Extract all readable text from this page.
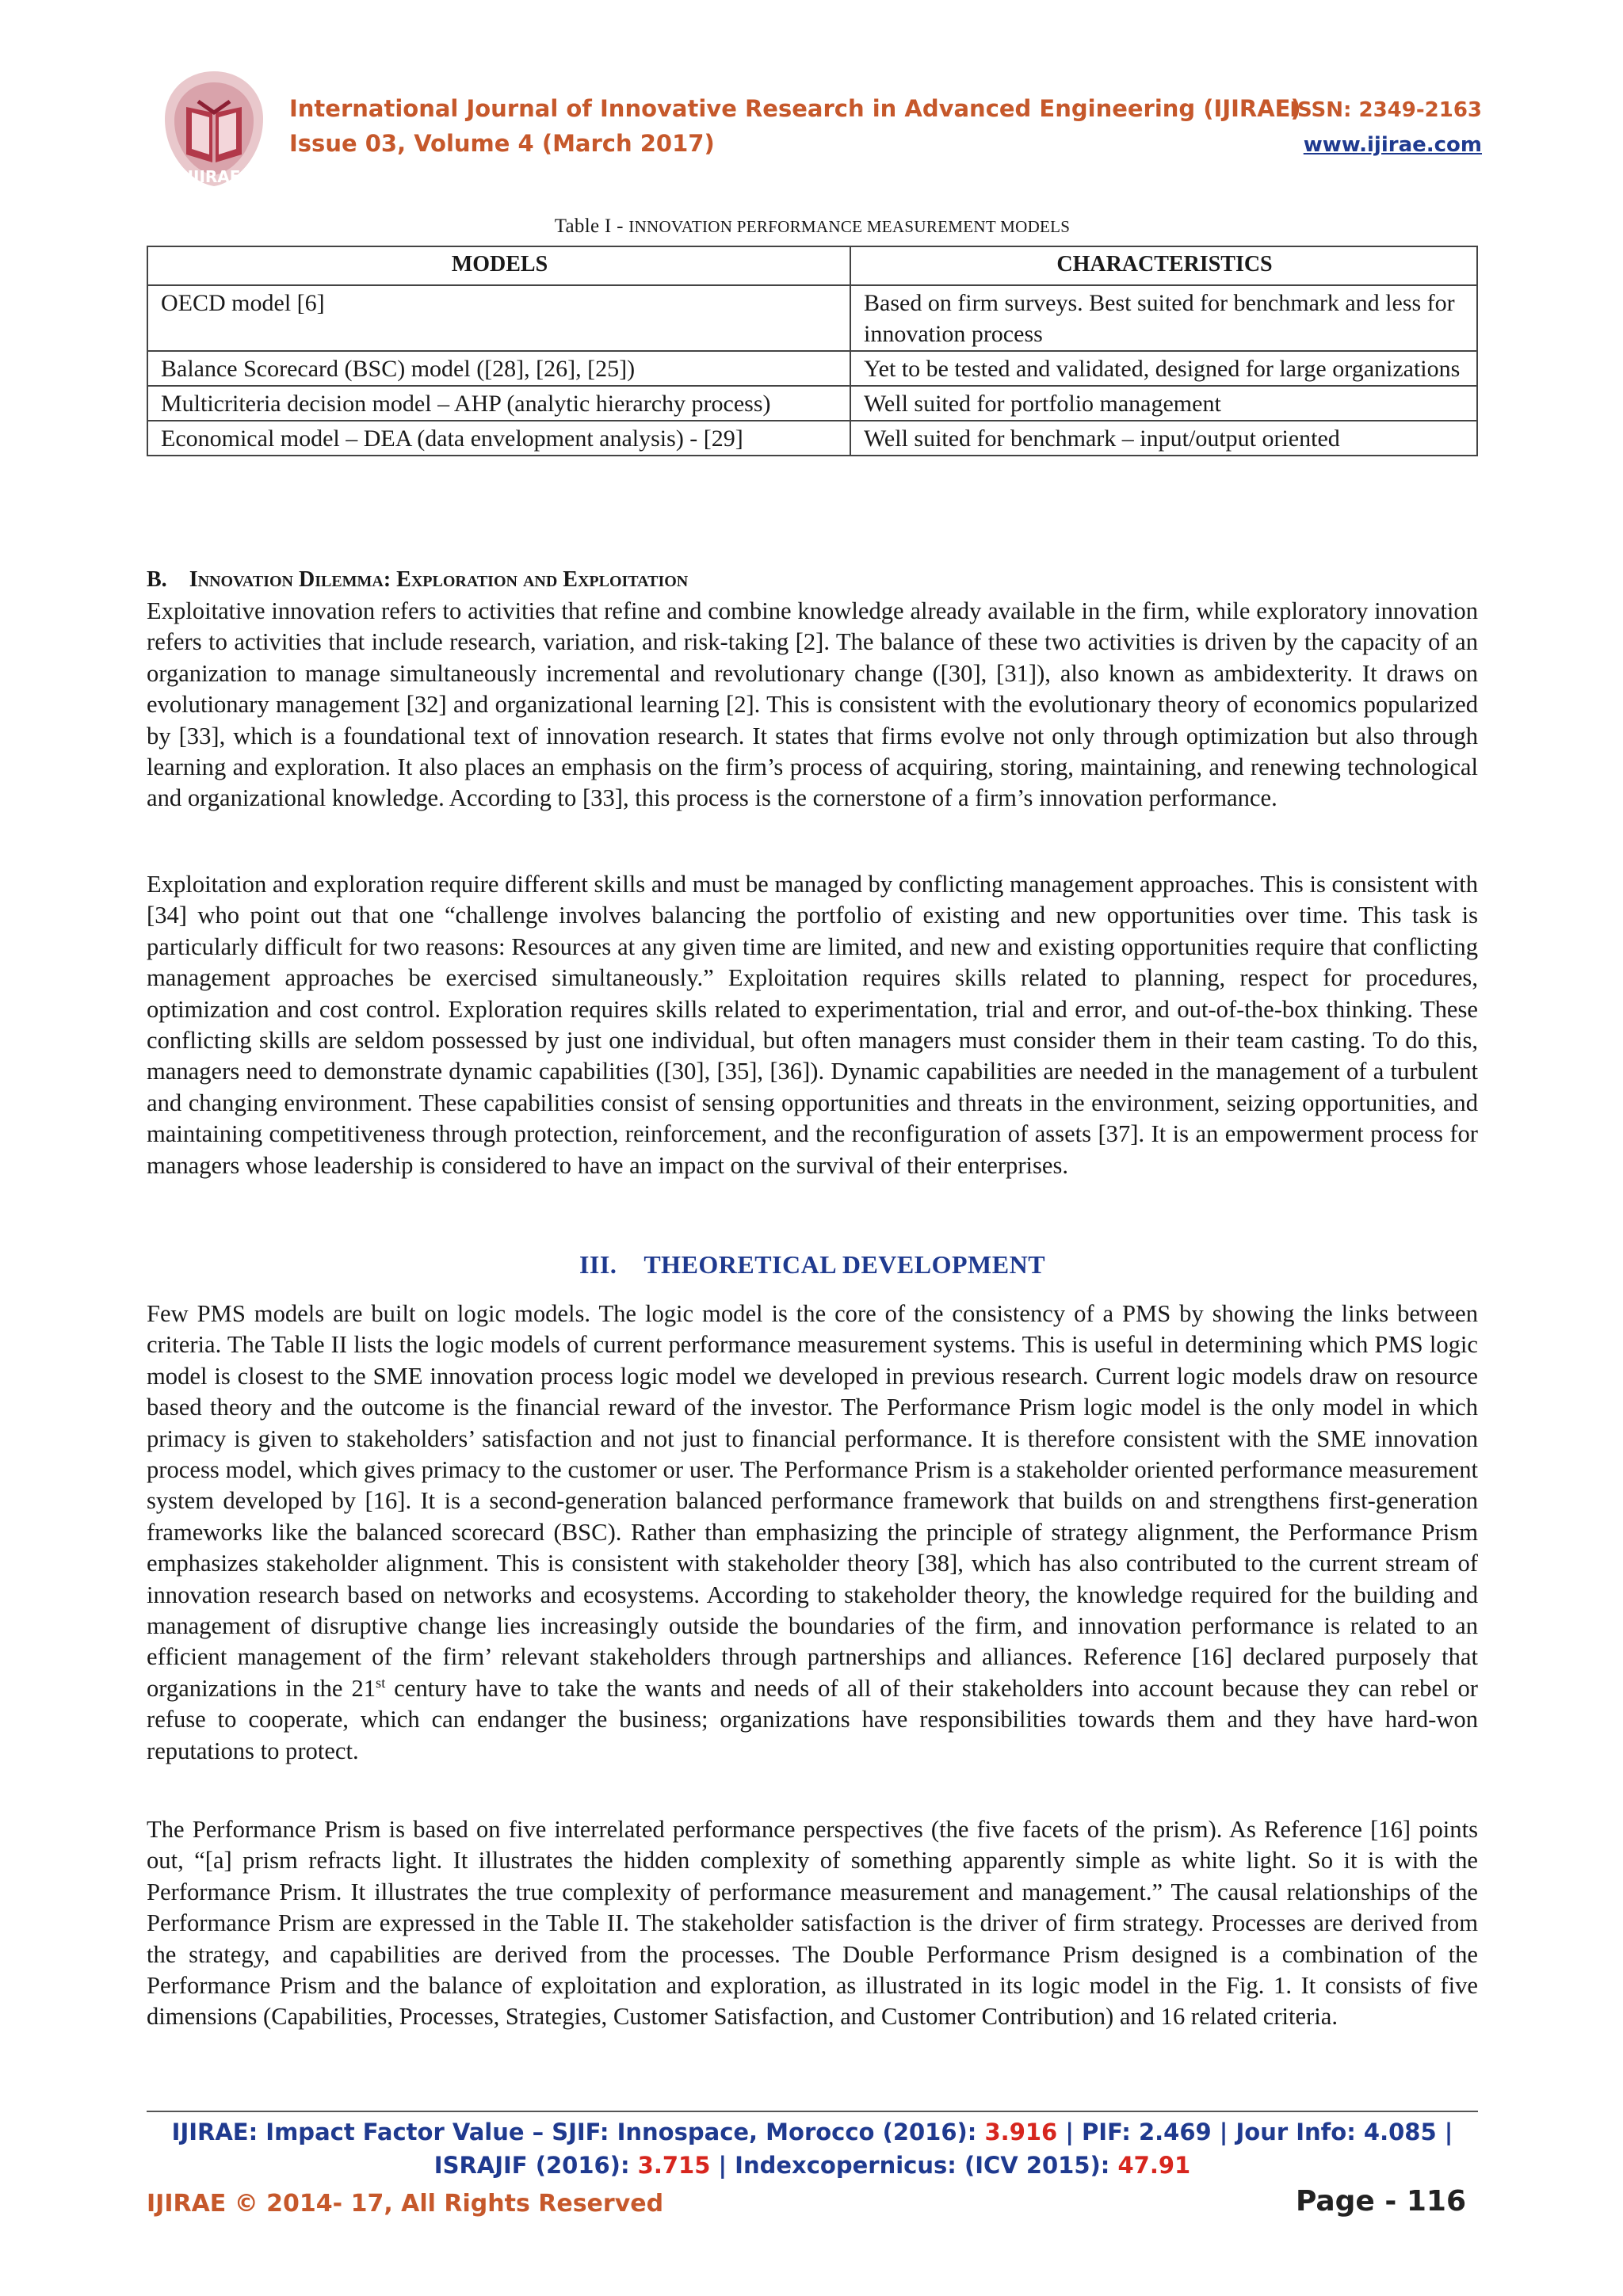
IJIRAE
International Journal of Innovative Research in Advanced Engineering (IJIRAE)
ISSN: 2349-2163
Issue 03, Volume 4 (March 2017)	www.ijirae.com
Table I - INNOVATION PERFORMANCE MEASUREMENT MODELS
MODELS	CHARACTERISTICS
OECD model [6]	Based on firm surveys. Best suited for benchmark and less for innovation process
Balance Scorecard (BSC) model ([28], [26], [25])	Yet to be tested and validated, designed for large organizations
Multicriteria decision model – AHP (analytic hierarchy process)	Well suited for portfolio management
Economical model – DEA (data envelopment analysis) - [29]	Well suited for benchmark – input/output oriented
B. Innovation Dilemma: Exploration and Exploitation
Exploitative innovation refers to activities that refine and combine knowledge already available in the firm, while exploratory innovation refers to activities that include research, variation, and risk-taking [2]. The balance of these two activities is driven by the capacity of an organization to manage simultaneously incremental and revolutionary change ([30], [31]), also known as ambidexterity. It draws on evolutionary management [32] and organizational learning [2]. This is consistent with the evolutionary theory of economics popularized by [33], which is a foundational text of innovation research. It states that firms evolve not only through optimization but also through learning and exploration. It also places an emphasis on the firm’s process of acquiring, storing, maintaining, and renewing technological and organizational knowledge. According to [33], this process is the cornerstone of a firm’s innovation performance.
Exploitation and exploration require different skills and must be managed by conflicting management approaches. This is consistent with [34] who point out that one “challenge involves balancing the portfolio of existing and new opportunities over time. This task is particularly difficult for two reasons: Resources at any given time are limited, and new and existing opportunities require that conflicting management approaches be exercised simultaneously.” Exploitation requires skills related to planning, respect for procedures, optimization and cost control. Exploration requires skills related to experimentation, trial and error, and out-of-the-box thinking. These conflicting skills are seldom possessed by just one individual, but often managers must consider them in their team casting. To do this, managers need to demonstrate dynamic capabilities ([30], [35], [36]). Dynamic capabilities are needed in the management of a turbulent and changing environment. These capabilities consist of sensing opportunities and threats in the environment, seizing opportunities, and maintaining competitiveness through protection, reinforcement, and the reconfiguration of assets [37]. It is an empowerment process for managers whose leadership is considered to have an impact on the survival of their enterprises.
III. THEORETICAL DEVELOPMENT
Few PMS models are built on logic models. The logic model is the core of the consistency of a PMS by showing the links between criteria. The Table II lists the logic models of current performance measurement systems. This is useful in determining which PMS logic model is closest to the SME innovation process logic model we developed in previous research. Current logic models draw on resource based theory and the outcome is the financial reward of the investor. The Performance Prism logic model is the only model in which primacy is given to stakeholders’ satisfaction and not just to financial performance. It is therefore consistent with the SME innovation process model, which gives primacy to the customer or user. The Performance Prism is a stakeholder oriented performance measurement system developed by [16]. It is a second-generation balanced performance framework that builds on and strengthens first-generation frameworks like the balanced scorecard (BSC). Rather than emphasizing the principle of strategy alignment, the Performance Prism emphasizes stakeholder alignment. This is consistent with stakeholder theory [38], which has also contributed to the current stream of innovation research based on networks and ecosystems. According to stakeholder theory, the knowledge required for the building and management of disruptive change lies increasingly outside the boundaries of the firm, and innovation performance is related to an efficient management of the firm’ relevant stakeholders through partnerships and alliances. Reference [16] declared purposely that organizations in the 21st century have to take the wants and needs of all of their stakeholders into account because they can rebel or refuse to cooperate, which can endanger the business; organizations have responsibilities towards them and they have hard-won reputations to protect.
The Performance Prism is based on five interrelated performance perspectives (the five facets of the prism). As Reference [16] points out, “[a] prism refracts light. It illustrates the hidden complexity of something apparently simple as white light. So it is with the Performance Prism. It illustrates the true complexity of performance measurement and management.” The causal relationships of the Performance Prism are expressed in the Table II. The stakeholder satisfaction is the driver of firm strategy. Processes are derived from the strategy, and capabilities are derived from the processes. The Double Performance Prism designed is a combination of the Performance Prism and the balance of exploitation and exploration, as illustrated in its logic model in the Fig. 1. It consists of five dimensions (Capabilities, Processes, Strategies, Customer Satisfaction, and Customer Contribution) and 16 related criteria.
IJIRAE: Impact Factor Value – SJIF: Innospace, Morocco (2016): 3.916 | PIF: 2.469 | Jour Info: 4.085 |
ISRAJIF (2016): 3.715 | Indexcopernicus: (ICV 2015): 47.91
IJIRAE © 2014- 17, All Rights Reserved	Page - 116
